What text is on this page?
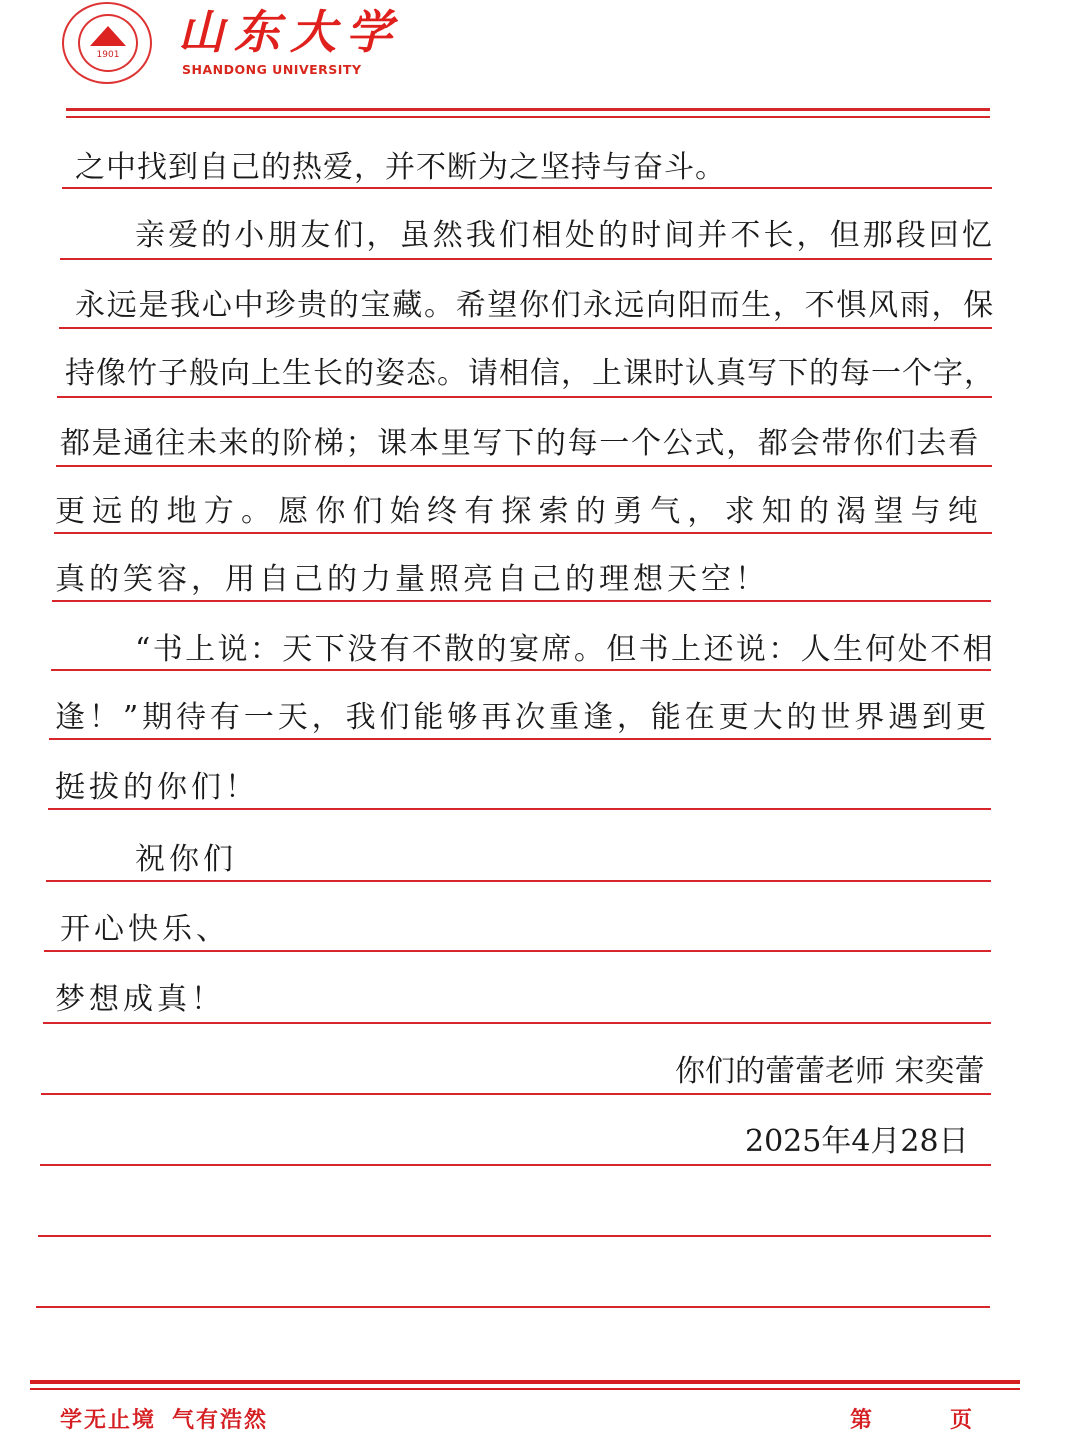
1901	山东大学
SHANDONG UNIVERSITY
之中找到自己的热爱，并不断为之坚持与奋斗。
亲爱的小朋友们，虽然我们相处的时间并不长，但那段回忆
永远是我心中珍贵的宝藏。希望你们永远向阳而生，不惧风雨，保
持像竹子般向上生长的姿态。请相信，上课时认真写下的每一个字，
都是通往未来的阶梯；课本里写下的每一个公式，都会带你们去看
更远的地方。愿你们始终有探索的勇气，求知的渴望与纯
真的笑容，用自己的力量照亮自己的理想天空！
“书上说：天下没有不散的宴席。但书上还说：人生何处不相
逢！”期待有一天，我们能够再次重逢，能在更大的世界遇到更
挺拔的你们！
祝你们
开心快乐、
梦想成真！
你们的蕾蕾老师 宋奕蕾
2025年4月28日
学无止境 气有浩然	第	页
